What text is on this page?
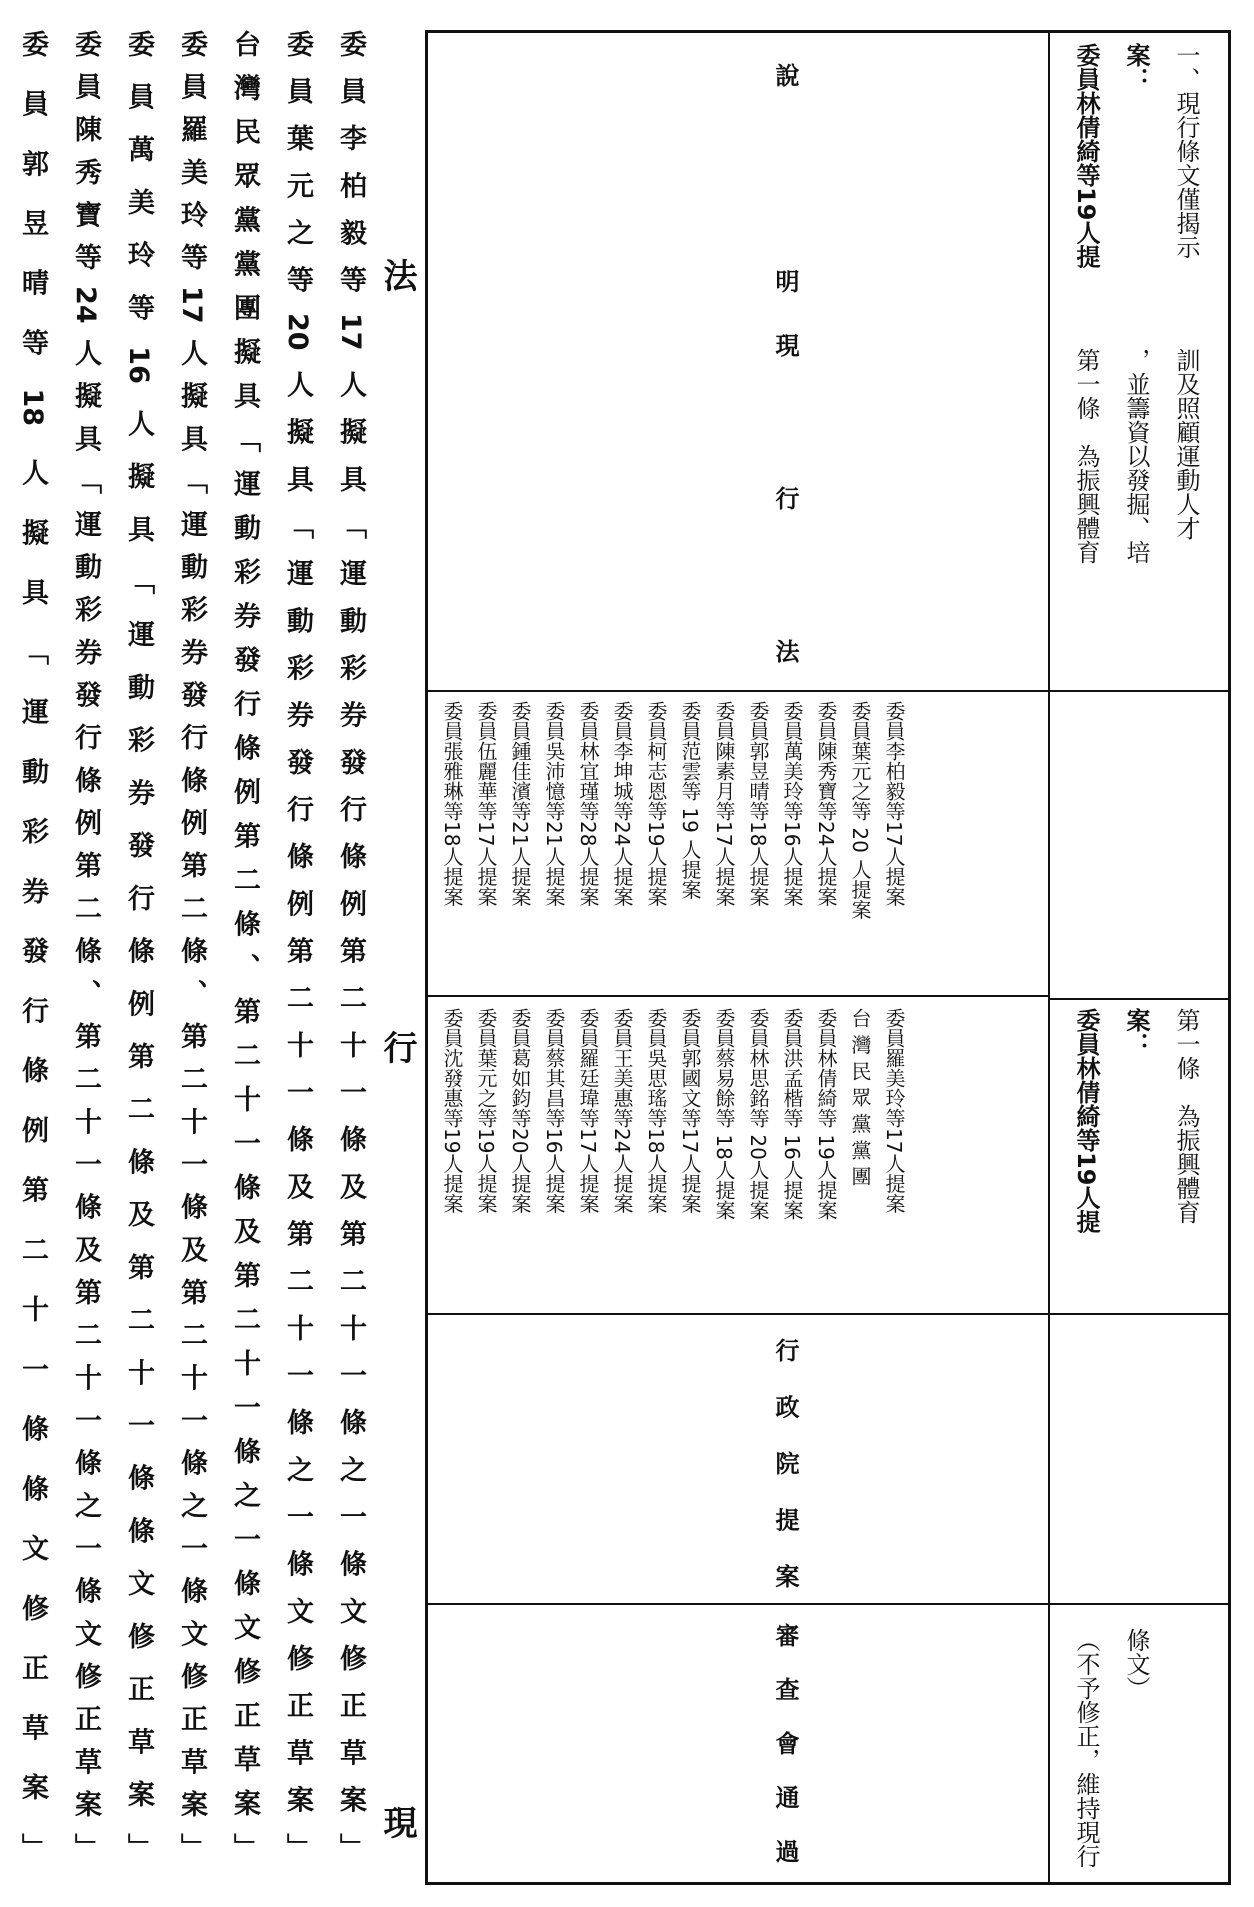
委員郭昱晴等18人擬具「運動彩券發行條例第二十一條條文修正草案」 委員陳秀寶等24人擬具「運動彩券發行條例第二條、第二十一條及第二十一條之一條文修正草案」 委員萬美玲等16人擬具「運動彩券發行條例第二條及第二十一條條文修正草案」 委員羅美玲等17人擬具「運動彩券發行條例第二條、第二十一條及第二十一條之一條文修正草案」 台灣民眾黨黨團擬具「運動彩券發行條例第二條、第二十一條及第二十一條之一條文修正草案」 委員葉元之等20人擬具「運動彩券發行條例第二十一條及第二十一條之一條文修正草案」 委員李柏毅等17人擬具「運動彩券發行條例第二十一條及第二十一條之一條文修正草案」 現
行
法	說明
現行法
行政院提案
審查會通過
委員沈發惠等19人提案 委員葉元之等19人提案 委員葛如鈞等20人提案 委員蔡其昌等16人提案 委員羅廷瑋等17人提案 委員王美惠等24人提案 委員吳思瑤等18人提案 委員郭國文等17人提案 委員蔡易餘等 18人提案 委員林思銘等 20人提案 委員洪孟楷等 16人提案 委員林倩綺等 19人提案 台 灣 民 眾 黨 黨 團 委員羅美玲等17人提案
委員張雅琳等18人提案 委員伍麗華等17人提案 委員鍾佳濱等21人提案 委員吳沛憶等21人提案 委員林宜瑾等28人提案 委員李坤城等24人提案 委員柯志恩等19人提案 委員范雲等 19 人提案 委員陳素月等17人提案 委員郭昱晴等18人提案 委員萬美玲等16人提案 委員陳秀寶等24人提案 委員葉元之等 20 人提案 委員李柏毅等17人提案
（不予修正，維持現行 條文）
委員林倩綺等19人提 案： 第一條　為振興體育
第一條　為振興體育 ，並籌資以發掘、培 訓及照顧運動人才
委員林倩綺等19人提 案： 一、現行條文僅揭示
